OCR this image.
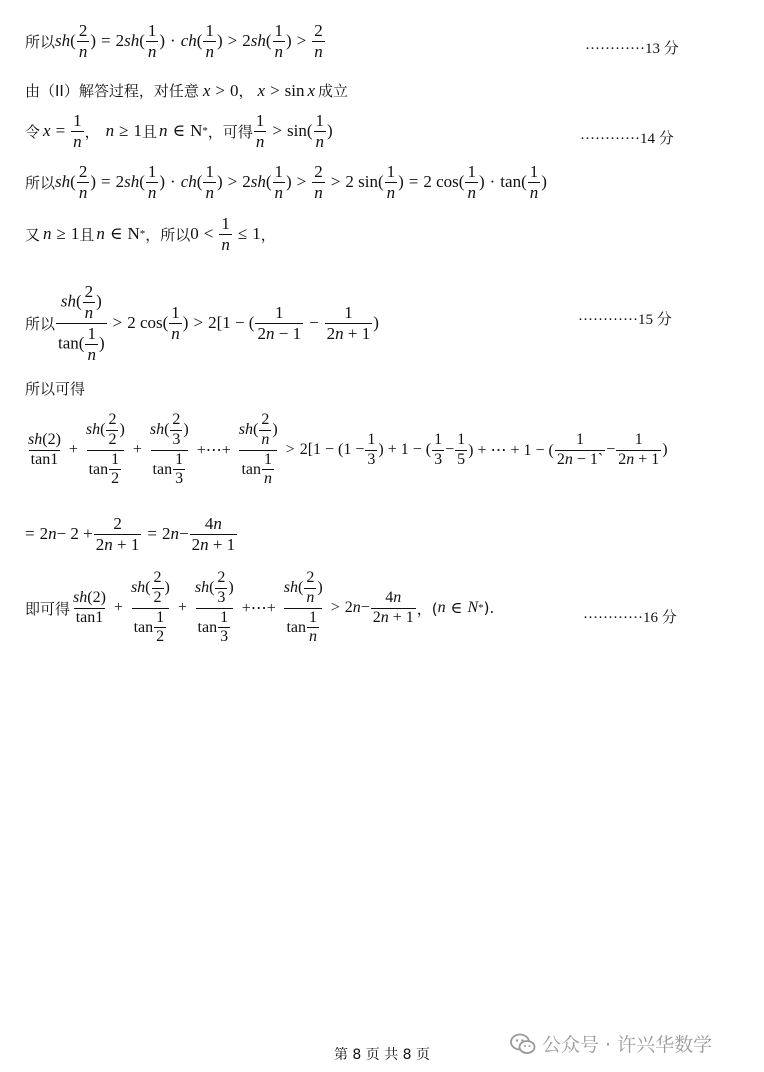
所以 sh ( $\frac{2}{n}$ ) = 2 sh (
1
n
) · ch (
1
n
) > 2 sh (
1
n
) >
2
n	············13 分
由（II）解答过程，对任意 x > 0 ， x > sin x 成立
令 $x = \frac{1}{n}$ ， n ≥ 1 且 n ∈ N * ，可得
1
n
> sin(
1
n
)	············14 分
所以 sh ( $\frac{2}{n}$ ) = 2 sh (
1
n
) · ch (
1
n
) > 2 sh (
1
n
) >
2
n
> 2 $\sin( \frac{1}{n}$ ) = 2 $\cos( \frac{1}{n}$ ) · tan(
1
n
)
又 n ≥ 1 且 n ∈ N * ，所以 $0 < \frac{1}{n} \le 1$ ，
所以
$sh( \frac{2}{n}$ )
$\tan( \frac{1}{n}$ )
> 2 cos(
1
n
) > 2[1 − (
1
2n − 1
− $\frac{1}{2n + 1}$ )	············15 分
所以可得
sh(2)
tan1
+ $\frac{sh( \frac{2}{2} )}{\tan \frac{1}{2}} + \frac{sh( \frac{2}{3} )}{\tan \frac{1}{3}}$ +⋯+ $\frac{sh( \frac{2}{n} )}{\tan \frac{1}{n}} > 2[1 - (1$ −
1
3
) + 1 − (
1
3
−
1
5 ) + ⋯ + 1 − (
1
2n − 1`
−
1
2n + 1
)
= 2 $n - 2 + \frac{2}{2n + 1} = 2$ n −
4n
2n + 1
即可得
sh(2)
tan1
+ $\frac{sh( \frac{2}{2} )}{\tan \frac{1}{2}} + \frac{sh( \frac{2}{3} )}{\tan \frac{1}{3}}$ +⋯+ $\frac{sh( \frac{2}{n} )}{\tan \frac{1}{n}} > 2$ n −
4n
2n + 1 ，( n ∈ N * ).
············16 分
第 8 页 共 8 页	公众号 · 许兴华数学
